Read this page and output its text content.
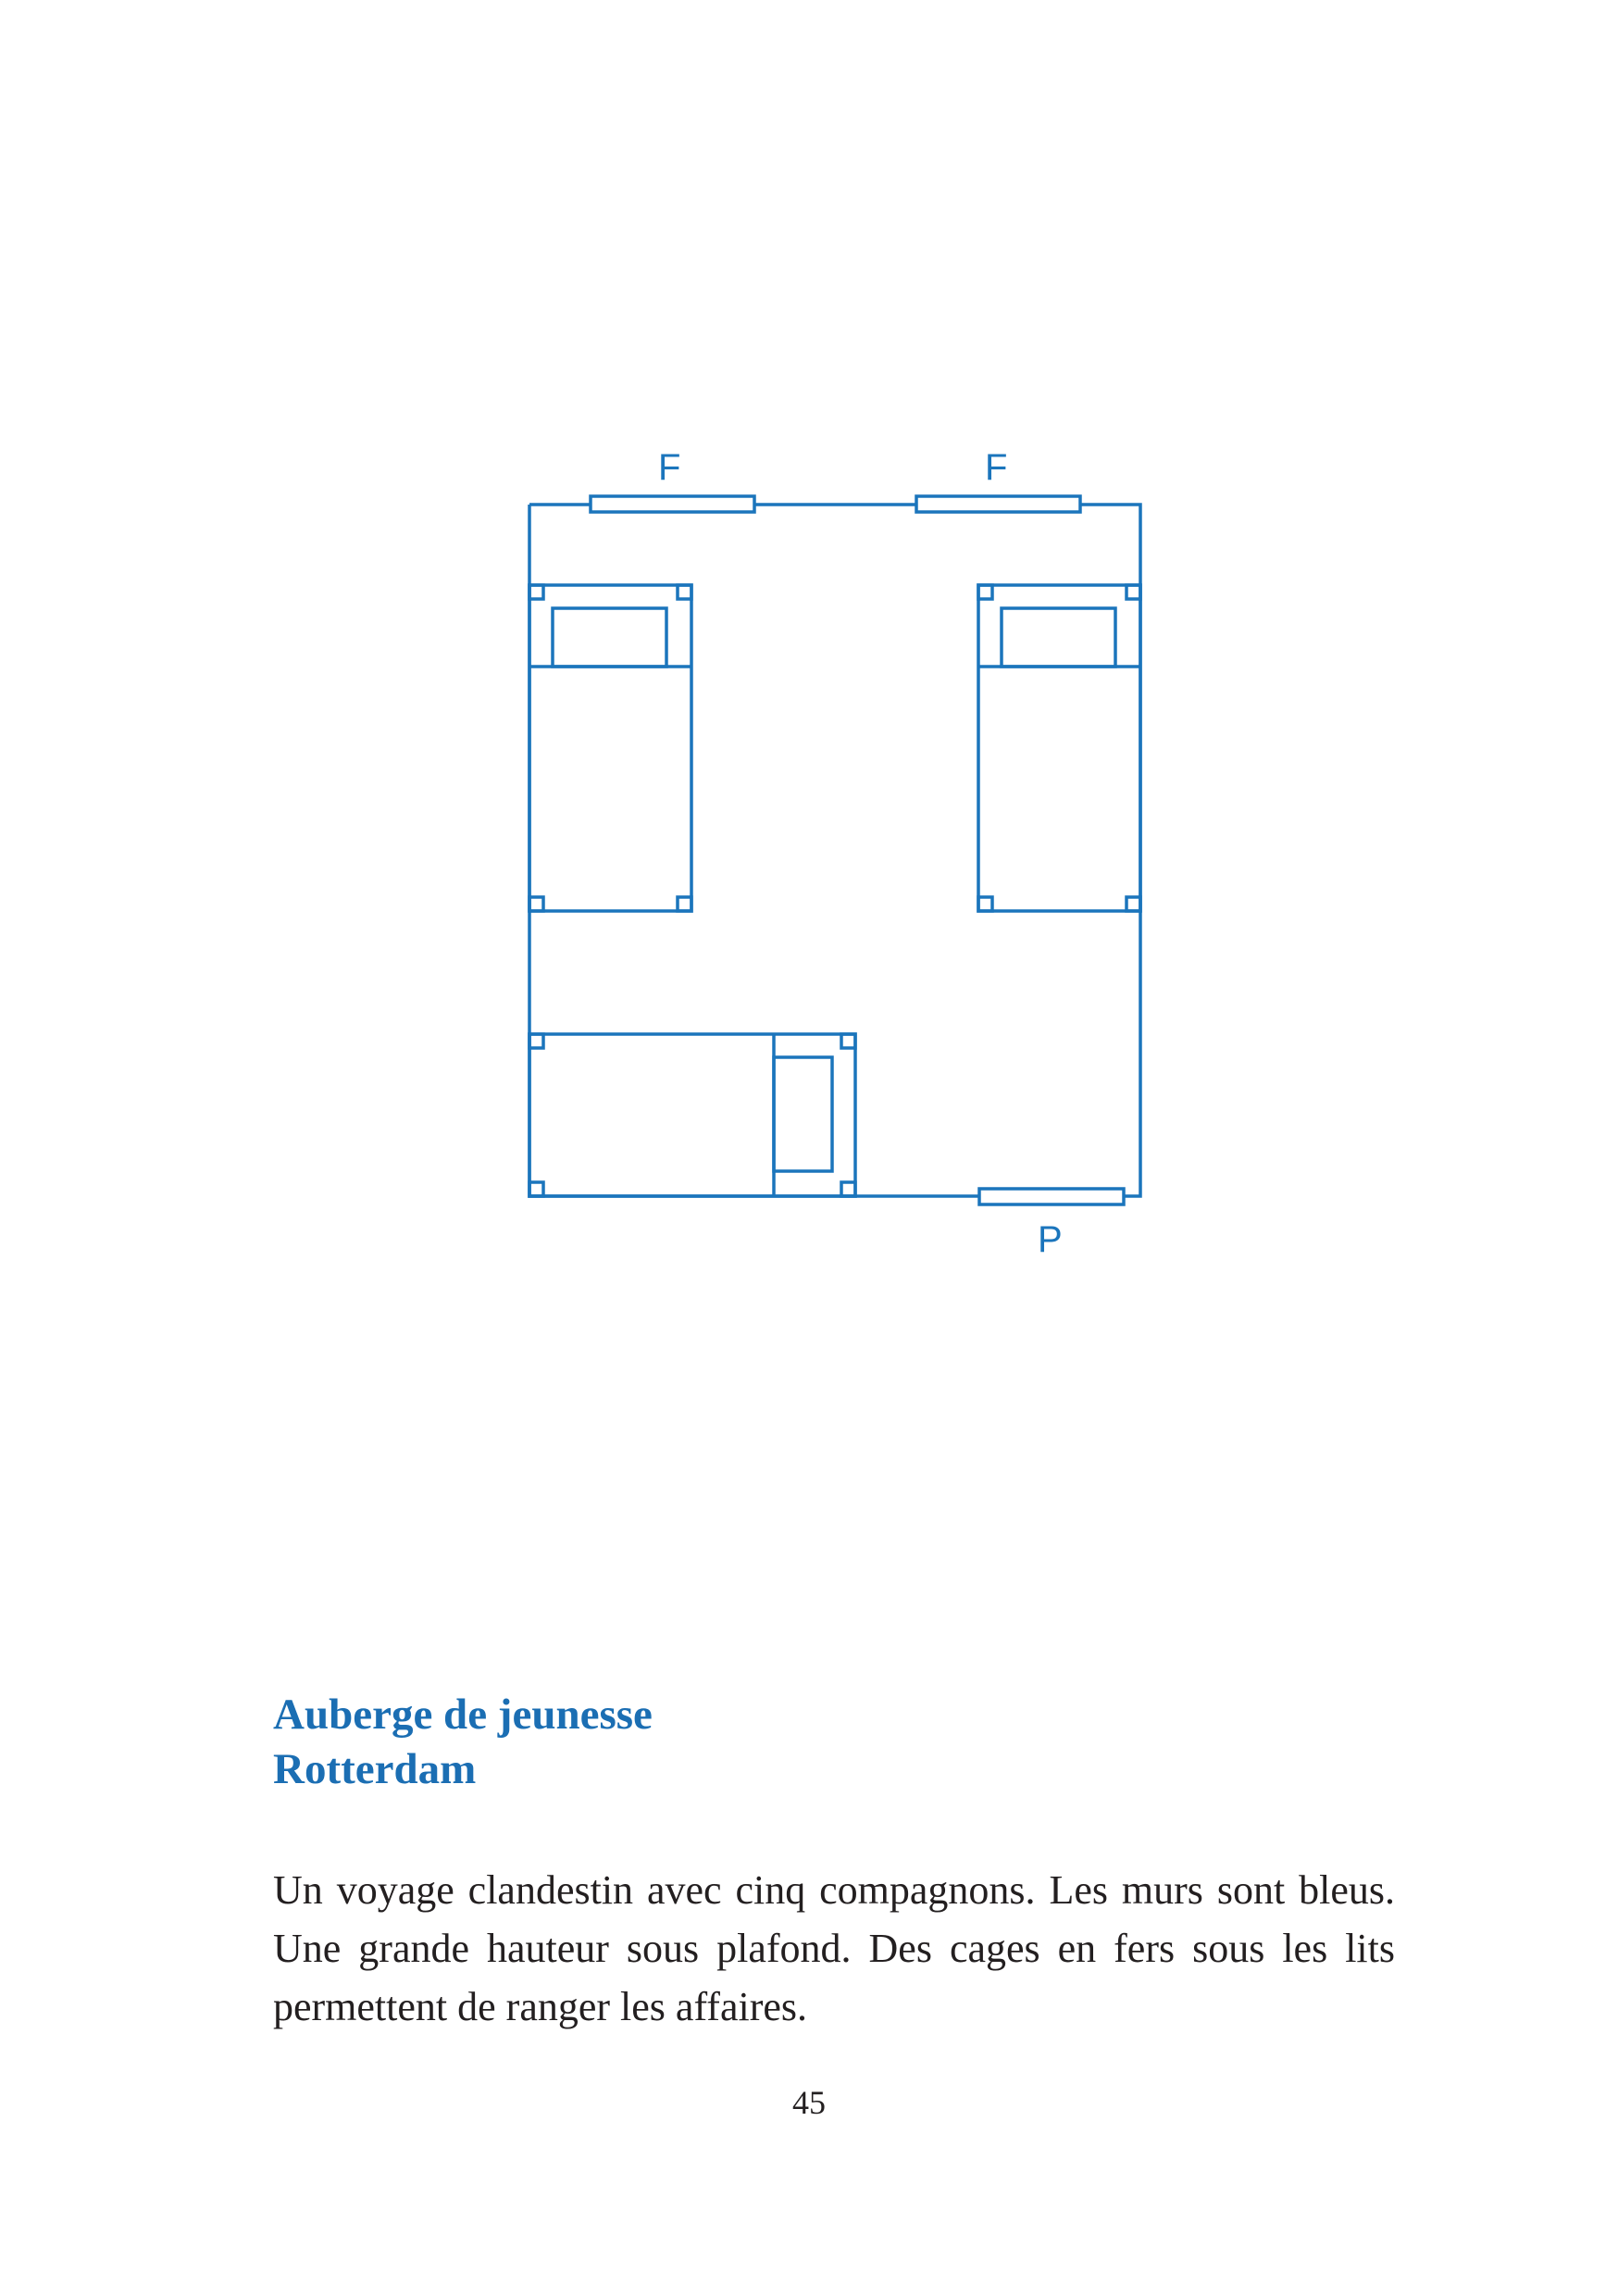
F	F
P
Auberge de jeunesse
Rotterdam
Un voyage clandestin avec cinq compagnons. Les murs sont bleus. Une grande hauteur sous plafond. Des cages en fers sous les lits permettent de ranger les affaires.
45
